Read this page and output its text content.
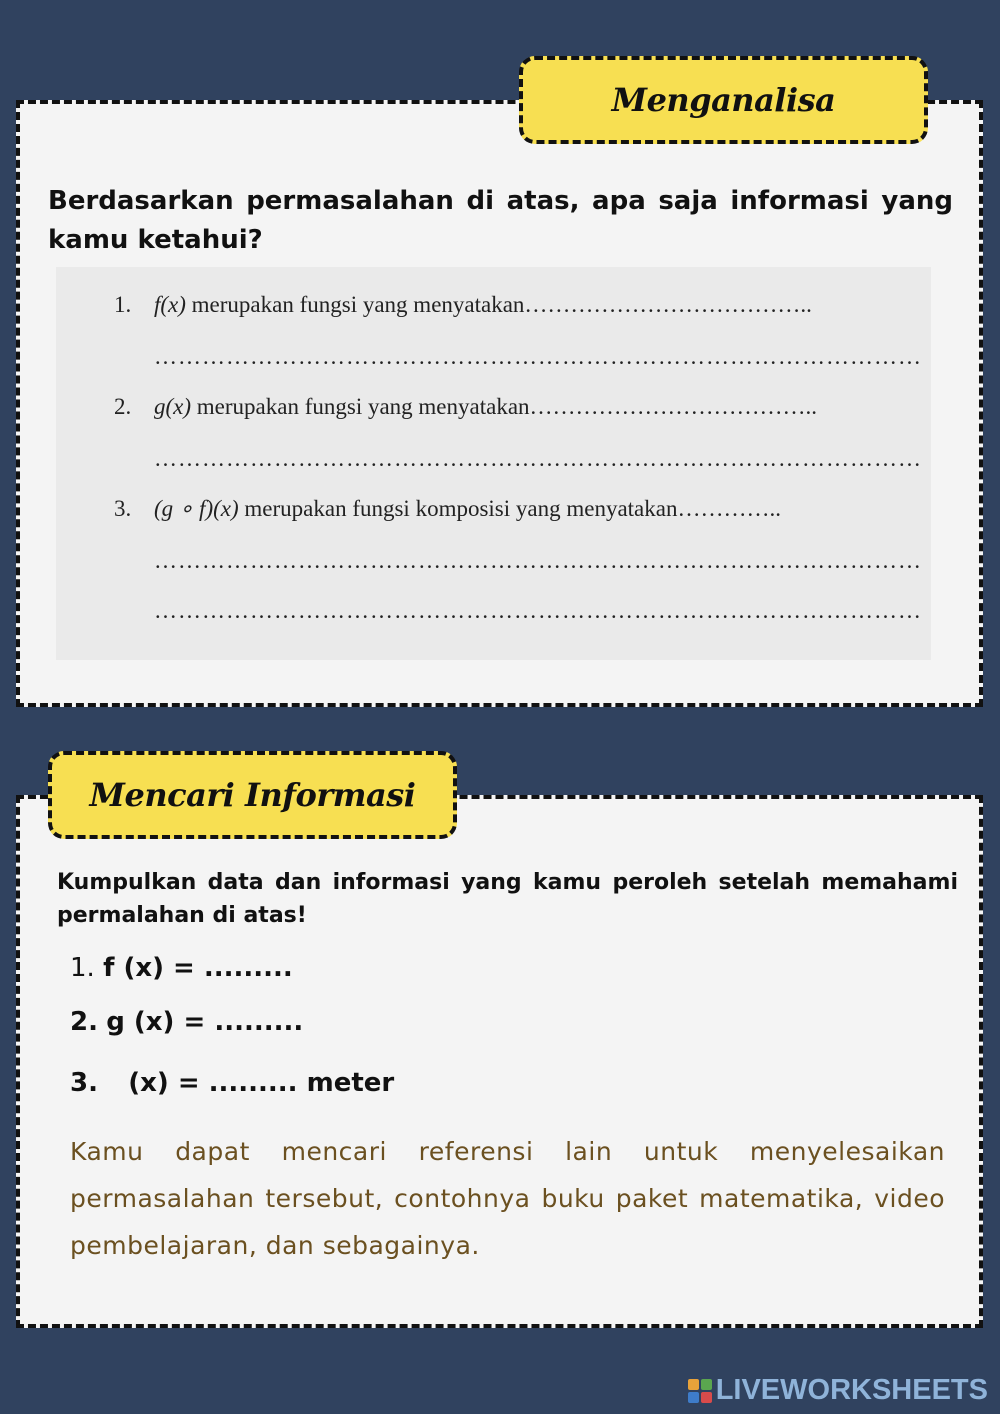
Menganalisa
Berdasarkan permasalahan di atas, apa saja informasi yang kamu ketahui?
1. f(x) merupakan fungsi yang menyatakan………………………………..
……………………………………………………………………………………
2. g(x) merupakan fungsi yang menyatakan………………………………..
……………………………………………………………………………………
3. (g ∘ f)(x) merupakan fungsi komposisi yang menyatakan…………..
……………………………………………………………………………………
……………………………………………………………………………………
Mencari Informasi
Kumpulkan data dan informasi yang kamu peroleh setelah memahami permalahan di atas!
1. f (x) = .........
2. g (x) = .........
3. (x) = ......... meter
Kamu dapat mencari referensi lain untuk menyelesaikan permasalahan tersebut, contohnya buku paket matematika, video pembelajaran, dan sebagainya.
LIVEWORKSHEETS
